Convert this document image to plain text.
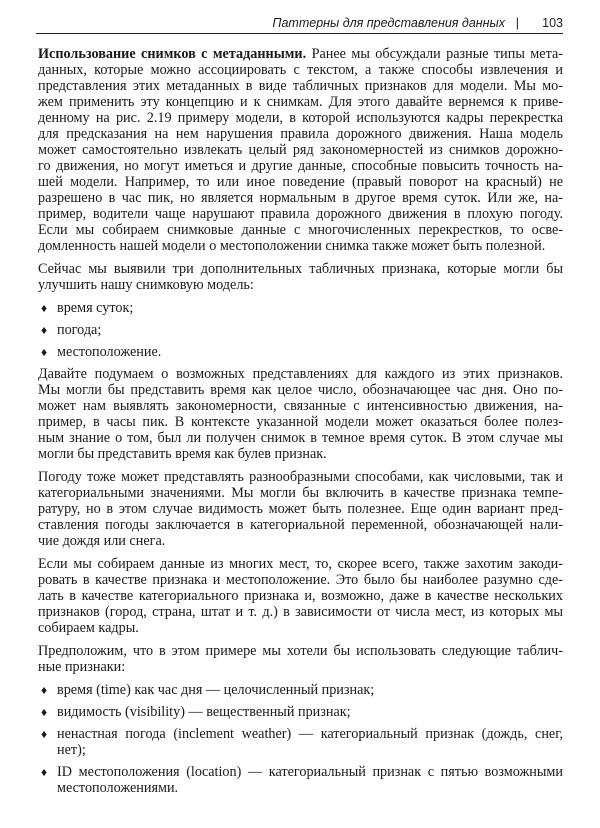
Паттерны для представления данных | 103
Использование снимков с метаданными. Ранее мы обсуждали разные типы мета-
данных, которые можно ассоциировать с текстом, а также способы извлечения и
представления этих метаданных в виде табличных признаков для модели. Мы мо-
жем применить эту концепцию и к снимкам. Для этого давайте вернемся к приве-
денному на рис. 2.19 примеру модели, в которой используются кадры перекрестка
для предсказания на нем нарушения правила дорожного движения. Наша модель
может самостоятельно извлекать целый ряд закономерностей из снимков дорожно-
го движения, но могут иметься и другие данные, способные повысить точность на-
шей модели. Например, то или иное поведение (правый поворот на красный) не
разрешено в час пик, но является нормальным в другое время суток. Или же, на-
пример, водители чаще нарушают правила дорожного движения в плохую погоду.
Если мы собираем снимковые данные с многочисленных перекрестков, то осве-
домленность нашей модели о местоположении снимка также может быть полезной.
Сейчас мы выявили три дополнительных табличных признака, которые могли бы
улучшить нашу снимковую модель:
♦ время суток;
♦ погода;
♦ местоположение.
Давайте подумаем о возможных представлениях для каждого из этих признаков.
Мы могли бы представить время как целое число, обозначающее час дня. Оно по-
может нам выявлять закономерности, связанные с интенсивностью движения, на-
пример, в часы пик. В контексте указанной модели может оказаться более полез-
ным знание о том, был ли получен снимок в темное время суток. В этом случае мы
могли бы представить время как булев признак.
Погоду тоже может представлять разнообразными способами, как числовыми, так и
категориальными значениями. Мы могли бы включить в качестве признака темпе-
ратуру, но в этом случае видимость может быть полезнее. Еще один вариант пред-
ставления погоды заключается в категориальной переменной, обозначающей нали-
чие дождя или снега.
Если мы собираем данные из многих мест, то, скорее всего, также захотим закоди-
ровать в качестве признака и местоположение. Это было бы наиболее разумно сде-
лать в качестве категориального признака и, возможно, даже в качестве нескольких
признаков (город, страна, штат и т. д.) в зависимости от числа мест, из которых мы
собираем кадры.
Предположим, что в этом примере мы хотели бы использовать следующие таблич-
ные признаки:
♦ время (time) как час дня — целочисленный признак;
♦ видимость (visibility) — вещественный признак;
♦ ненастная погода (inclement weather) — категориальный признак (дождь, снег,
нет);
♦ ID местоположения (location) — категориальный признак с пятью возможными
местоположениями.
